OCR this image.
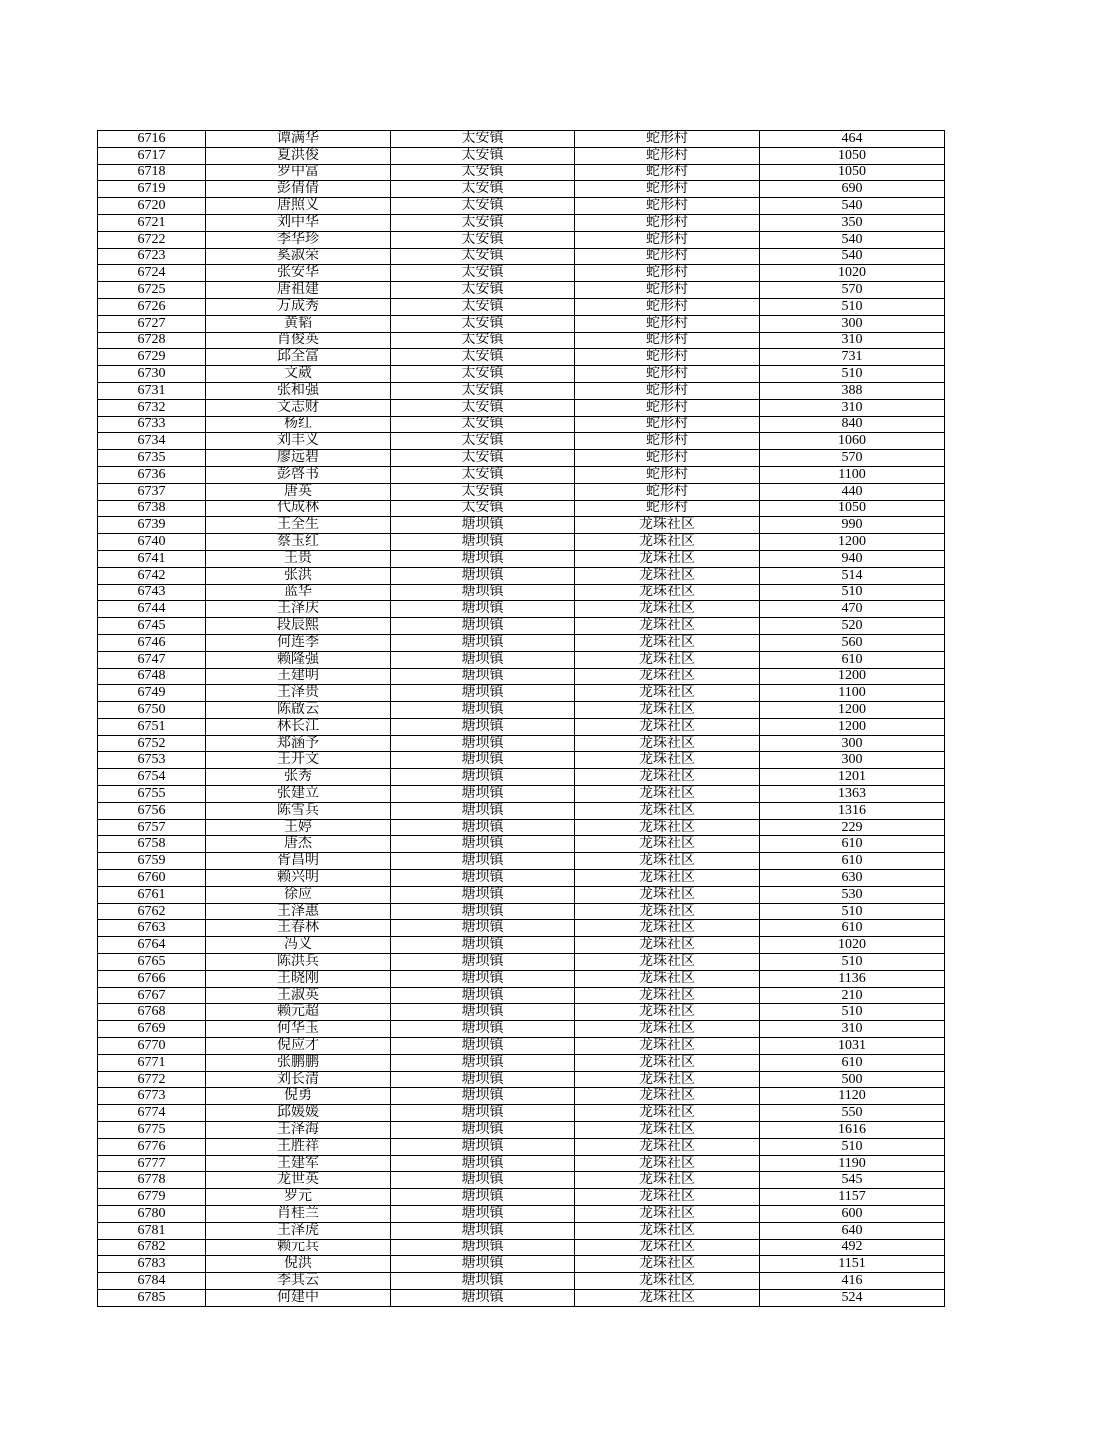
6716	谭满华	太安镇	蛇形村	464
6717	夏洪俊	太安镇	蛇形村	1050
6718	罗中富	太安镇	蛇形村	1050
6719	彭倩倩	太安镇	蛇形村	690
6720	唐照义	太安镇	蛇形村	540
6721	刘中华	太安镇	蛇形村	350
6722	李华珍	太安镇	蛇形村	540
6723	奚淑荣	太安镇	蛇形村	540
6724	张安华	太安镇	蛇形村	1020
6725	唐祖建	太安镇	蛇形村	570
6726	万成秀	太安镇	蛇形村	510
6727	黄韬	太安镇	蛇形村	300
6728	肖俊英	太安镇	蛇形村	310
6729	邱全富	太安镇	蛇形村	731
6730	文葳	太安镇	蛇形村	510
6731	张和强	太安镇	蛇形村	388
6732	文志财	太安镇	蛇形村	310
6733	杨红	太安镇	蛇形村	840
6734	刘丰义	太安镇	蛇形村	1060
6735	廖远碧	太安镇	蛇形村	570
6736	彭啓书	太安镇	蛇形村	1100
6737	唐英	太安镇	蛇形村	440
6738	代成林	太安镇	蛇形村	1050
6739	王全生	塘坝镇	龙珠社区	990
6740	蔡玉红	塘坝镇	龙珠社区	1200
6741	王贵	塘坝镇	龙珠社区	940
6742	张洪	塘坝镇	龙珠社区	514
6743	蓝华	塘坝镇	龙珠社区	510
6744	王泽庆	塘坝镇	龙珠社区	470
6745	段辰熙	塘坝镇	龙珠社区	520
6746	何连李	塘坝镇	龙珠社区	560
6747	赖隆强	塘坝镇	龙珠社区	610
6748	王建明	塘坝镇	龙珠社区	1200
6749	王泽贵	塘坝镇	龙珠社区	1100
6750	陈啟云	塘坝镇	龙珠社区	1200
6751	林长江	塘坝镇	龙珠社区	1200
6752	郑涵予	塘坝镇	龙珠社区	300
6753	王开文	塘坝镇	龙珠社区	300
6754	张秀	塘坝镇	龙珠社区	1201
6755	张建立	塘坝镇	龙珠社区	1363
6756	陈雪兵	塘坝镇	龙珠社区	1316
6757	王婷	塘坝镇	龙珠社区	229
6758	唐杰	塘坝镇	龙珠社区	610
6759	胥昌明	塘坝镇	龙珠社区	610
6760	赖兴明	塘坝镇	龙珠社区	630
6761	徐应	塘坝镇	龙珠社区	530
6762	王泽惠	塘坝镇	龙珠社区	510
6763	王春林	塘坝镇	龙珠社区	610
6764	冯义	塘坝镇	龙珠社区	1020
6765	陈洪兵	塘坝镇	龙珠社区	510
6766	王晓刚	塘坝镇	龙珠社区	1136
6767	王淑英	塘坝镇	龙珠社区	210
6768	赖元超	塘坝镇	龙珠社区	510
6769	何华玉	塘坝镇	龙珠社区	310
6770	倪应才	塘坝镇	龙珠社区	1031
6771	张鹏鹏	塘坝镇	龙珠社区	610
6772	刘长清	塘坝镇	龙珠社区	500
6773	倪勇	塘坝镇	龙珠社区	1120
6774	邱媛媛	塘坝镇	龙珠社区	550
6775	王泽海	塘坝镇	龙珠社区	1616
6776	王胜祥	塘坝镇	龙珠社区	510
6777	王建军	塘坝镇	龙珠社区	1190
6778	龙世英	塘坝镇	龙珠社区	545
6779	罗元	塘坝镇	龙珠社区	1157
6780	肖桂兰	塘坝镇	龙珠社区	600
6781	王泽虎	塘坝镇	龙珠社区	640
6782	赖元兵	塘坝镇	龙珠社区	492
6783	倪洪	塘坝镇	龙珠社区	1151
6784	李其云	塘坝镇	龙珠社区	416
6785	何建中	塘坝镇	龙珠社区	524
